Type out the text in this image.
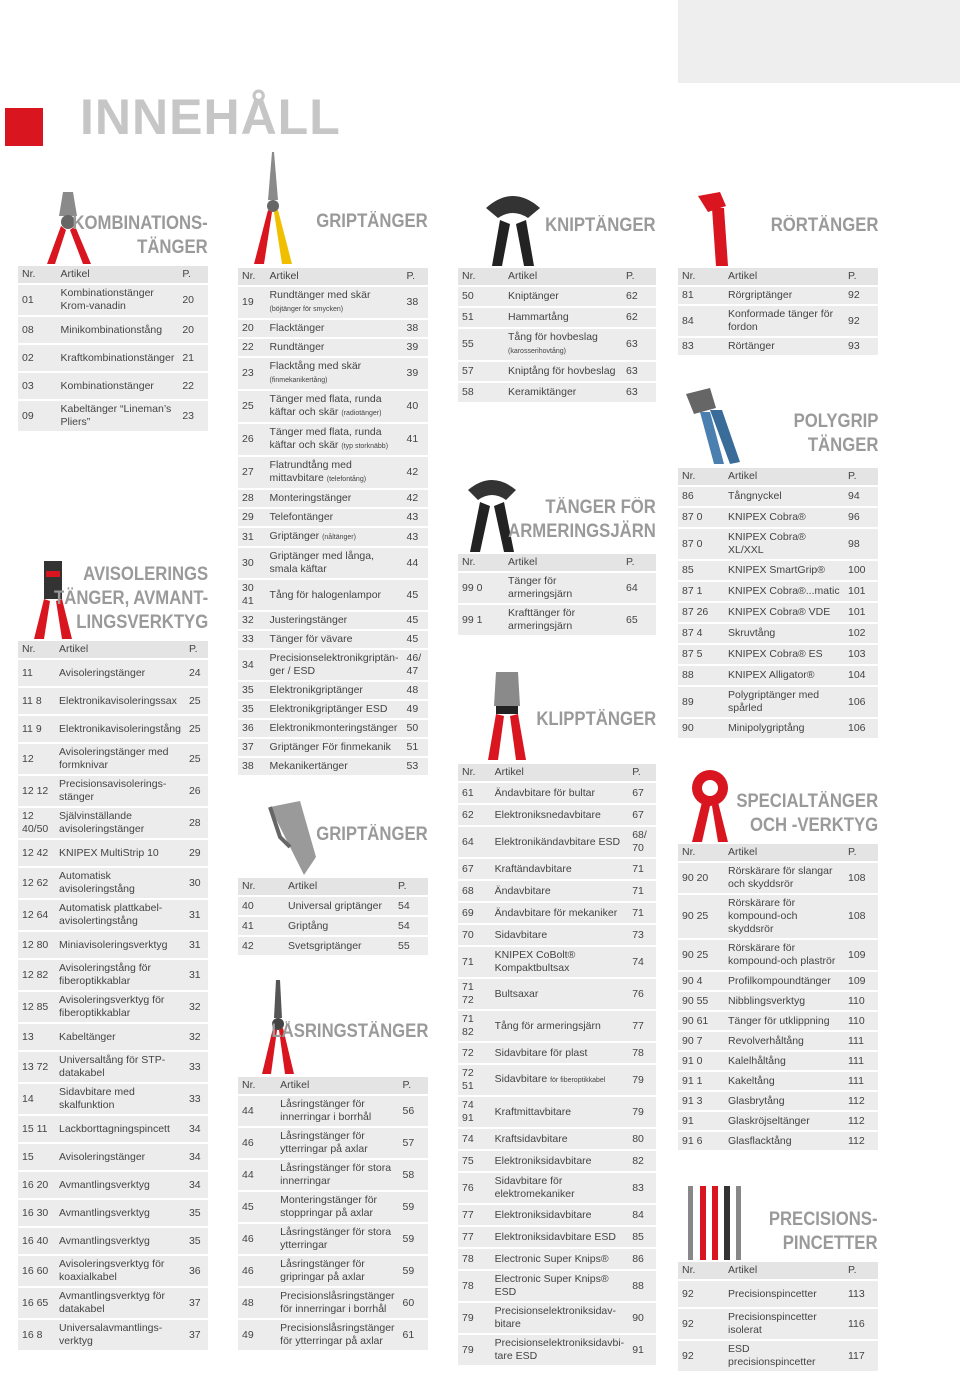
INNEHÅLL
KOMBINATIONS-
TÄNGER
Nr.	Artikel	P.
01	Kombinationstänger Krom-vanadin	20
08	Minikombinationstång	20
02	Kraftkombinationstänger	21
03	Kombinationstänger	22
09	Kabeltänger “Lineman’s Pliers”	23
AVISOLERINGS
TÄNGER, AVMANT-
LINGSVERKTYG
Nr.	Artikel	P.
11	Avisoleringstänger	24
11 8	Elektronikavisoleringssax	25
11 9	Elektronikavisoleringstång	25
12	Avisoleringstänger med formknivar	25
12 12	Precisionsavisolerings-stänger	26
12 40/50	Självinställande avisoleringstänger	28
12 42	KNIPEX MultiStrip 10	29
12 62	Automatisk avisoleringstång	30
12 64	Automatisk plattkabel-avisolertingstång	31
12 80	Miniavisoleringsverktyg	31
12 82	Avisoleringstång för fiberoptikkablar	31
12 85	Avisoleringsverktyg för fiberoptikkablar	32
13	Kabeltänger	32
13 72	Universaltång för STP-datakabel	33
14	Sidavbitare med skalfunktion	33
15 11	Lackborttagningspincett	34
15	Avisoleringstänger	34
16 20	Avmantlingsverktyg	34
16 30	Avmantlingsverktyg	35
16 40	Avmantlingsverktyg	35
16 60	Avisoleringsverktyg för koaxialkabel	36
16 65	Avmantlingsverktyg för datakabel	37
16 8	Universalavmantlings-verktyg	37
GRIPTÄNGER
Nr.	Artikel	P.
19	Rundtänger med skär (böjtänger för smycken)	38
20	Flacktänger	38
22	Rundtänger	39
23	Flacktång med skär (finmekanikertång)	39
25	Tänger med flata, runda käftar och skär (radiotänger)	40
26	Tänger med flata, runda käftar och skär (typ storknäbb)	41
27	Flatrundtång med mittavbitare (telefontång)	42
28	Monteringstänger	42
29	Telefontänger	43
31	Griptänger (nåltänger)	43
30	Griptänger med långa, smala käftar	44
30 41	Tång för halogenlampor	45
32	Justeringstänger	45
33	Tänger för vävare	45
34	Precisionselektronikgriptän-ger / ESD	46/ 47
35	Elektronikgriptänger	48
35	Elektronikgriptänger ESD	49
36	Elektronikmonteringstänger	50
37	Griptänger För finmekanik	51
38	Mekanikertänger	53
GRIPTÄNGER
Nr.	Artikel	P.
40	Universal griptänger	54
41	Griptång	54
42	Svetsgriptänger	55
LÅSRINGSTÄNGER
Nr.	Artikel	P.
44	Låsringstänger för innerringar i borrhål	56
46	Låsringstänger för ytterringar på axlar	57
44	Låsringstänger för stora innerringar	58
45	Monteringstänger för stoppringar på axlar	59
46	Låsringstänger för stora ytterringar	59
46	Låsringstänger för gripringar på axlar	59
48	Precisionslåsringstänger för innerringar i borrhål	60
49	Precisionslåsringstänger för ytterringar på axlar	61
KNIPTÄNGER
Nr.	Artikel	P.
50	Kniptänger	62
51	Hammartång	62
55	Tång för hovbeslag (karosserihovtång)	63
57	Kniptång för hovbeslag	63
58	Keramiktänger	63
TÄNGER FÖR
ARMERINGSJÄRN
Nr.	Artikel	P.
99 0	Tänger för armeringsjärn	64
99 1	Krafttänger för armeringsjärn	65
KLIPPTÄNGER
Nr.	Artikel	P.
61	Ändavbitare för bultar	67
62	Elektroniksnedavbitare	67
64	Elektronikändavbitare ESD	68/ 70
67	Kraftändavbitare	71
68	Ändavbitare	71
69	Ändavbitare för mekaniker	71
70	Sidavbitare	73
71	KNIPEX CoBolt® Kompaktbultsax	74
71 72	Bultsaxar	76
71 82	Tång för armeringsjärn	77
72	Sidavbitare för plast	78
72 51	Sidavbitare för fiberoptikkabel	79
74 91	Kraftmittavbitare	79
74	Kraftsidavbitare	80
75	Elektroniksidavbitare	82
76	Sidavbitare för elektromekaniker	83
77	Elektroniksidavbitare	84
77	Elektroniksidavbitare ESD	85
78	Electronic Super Knips®	86
78	Electronic Super Knips® ESD	88
79	Precisionselektroniksidav-bitare	90
79	Precisionselektroniksidavbi-tare ESD	91
RÖRTÄNGER
Nr.	Artikel	P.
81	Rörgriptänger	92
84	Konformade tänger för fordon	92
83	Rörtänger	93
POLYGRIP
TÄNGER
Nr.	Artikel	P.
86	Tångnyckel	94
87 0	KNIPEX Cobra®	96
87 0	KNIPEX Cobra® XL/XXL	98
85	KNIPEX SmartGrip®	100
87 1	KNIPEX Cobra®...matic	101
87 26	KNIPEX Cobra® VDE	101
87 4	Skruvtång	102
87 5	KNIPEX Cobra® ES	103
88	KNIPEX Alligator®	104
89	Polygriptänger med spårled	106
90	Minipolygriptång	106
SPECIALTÄNGER
OCH -VERKTYG
Nr.	Artikel	P.
90 20	Rörskärare för slangar och skyddsrör	108
90 25	Rörskärare för kompound-och skyddsrör	108
90 25	Rörskärare för kompound-och plaströr	109
90 4	Profilkompoundtänger	109
90 55	Nibblingsverktyg	110
90 61	Tänger för utklippning	110
90 7	Revolverhåltång	111
91 0	Kalelhåltång	111
91 1	Kakeltång	111
91 3	Glasbrytång	112
91	Glaskröjseltänger	112
91 6	Glasflacktång	112
PRECISIONS-
PINCETTER
Nr.	Artikel	P.
92	Precisionspincetter	113
92	Precisionspincetter isolerat	116
92	ESD precisionspincetter	117
